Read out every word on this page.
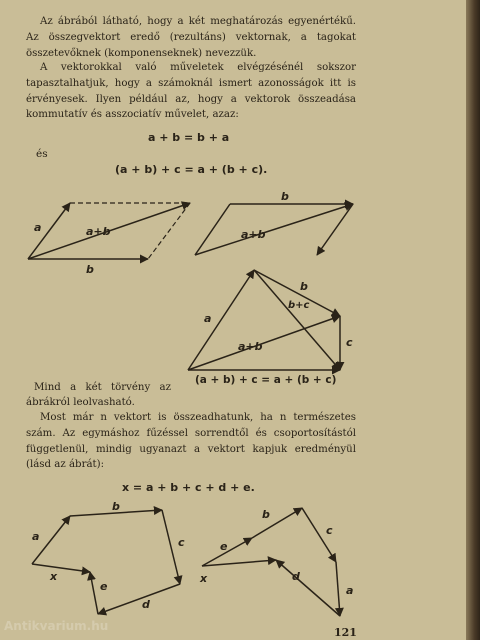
Az ábrából látható, hogy a két meghatározás egyenértékű. Az összegvektort eredő (rezultáns) vektornak, a tagokat összetevőknek (komponenseknek) nevezzük.

A vektorokkal való műveletek elvégzésénél sokszor tapasztalhatjuk, hogy a számoknál ismert azonosságok itt is érvényesek. Ilyen például az, hogy a vektorok összeadása kommutatív és asszociatív művelet, azaz:

a + b = b + a
és
(a + b) + c = a + (b + c).
a	a+b
b
b
a+b
a
b
b+c
c
a+b
(a + b) + c = a + (b + c)
Mind a két törvény az ábrákról leolvasható.

Most már n vektort is összeadhatunk, ha n természetes szám. Az egymáshoz fűzéssel sorrendtől és csoportosítástól függetlenül, mindig ugyanazt a vektort kapjuk eredményül (lásd az ábrát):

x = a + b + c + d + e.
a
b
c
d
e
x
e
b
c
a
d
x
121
Antikvarium.hu
